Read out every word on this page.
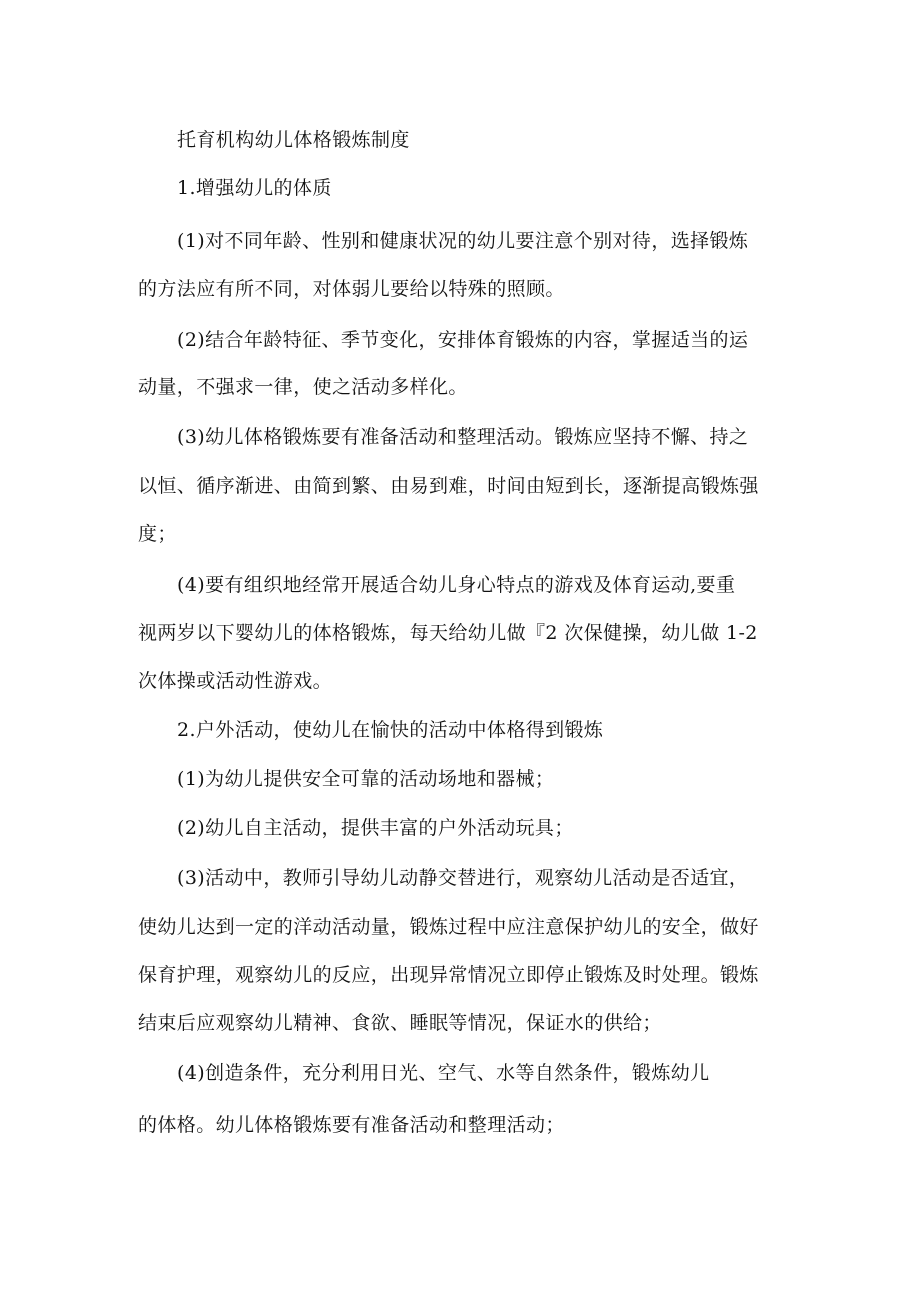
托育机构幼儿体格锻炼制度
1.增强幼儿的体质
(1)对不同年龄、性别和健康状况的幼儿要注意个别对待，选择锻炼
的方法应有所不同，对体弱儿要给以特殊的照顾。
(2)结合年龄特征、季节变化，安排体育锻炼的内容，掌握适当的运
动量，不强求一律，使之活动多样化。
(3)幼儿体格锻炼要有准备活动和整理活动。锻炼应坚持不懈、持之
以恒、循序渐进、由简到繁、由易到难，时间由短到长，逐渐提高锻炼强
度；
(4)要有组织地经常开展适合幼儿身心特点的游戏及体育运动,要重
视两岁以下婴幼儿的体格锻炼，每天给幼儿做『2 次保健操，幼儿做 1-2
次体操或活动性游戏。
2.户外活动，使幼儿在愉快的活动中体格得到锻炼
(1)为幼儿提供安全可靠的活动场地和器械；
(2)幼儿自主活动，提供丰富的户外活动玩具；
(3)活动中，教师引导幼儿动静交替进行，观察幼儿活动是否适宜，
使幼儿达到一定的洋动活动量，锻炼过程中应注意保护幼儿的安全，做好
保育护理，观察幼儿的反应，出现异常情况立即停止锻炼及时处理。锻炼
结束后应观察幼儿精神、食欲、睡眠等情况，保证水的供给；
(4)创造条件，充分利用日光、空气、水等自然条件，锻炼幼儿
的体格。幼儿体格锻炼要有准备活动和整理活动；
